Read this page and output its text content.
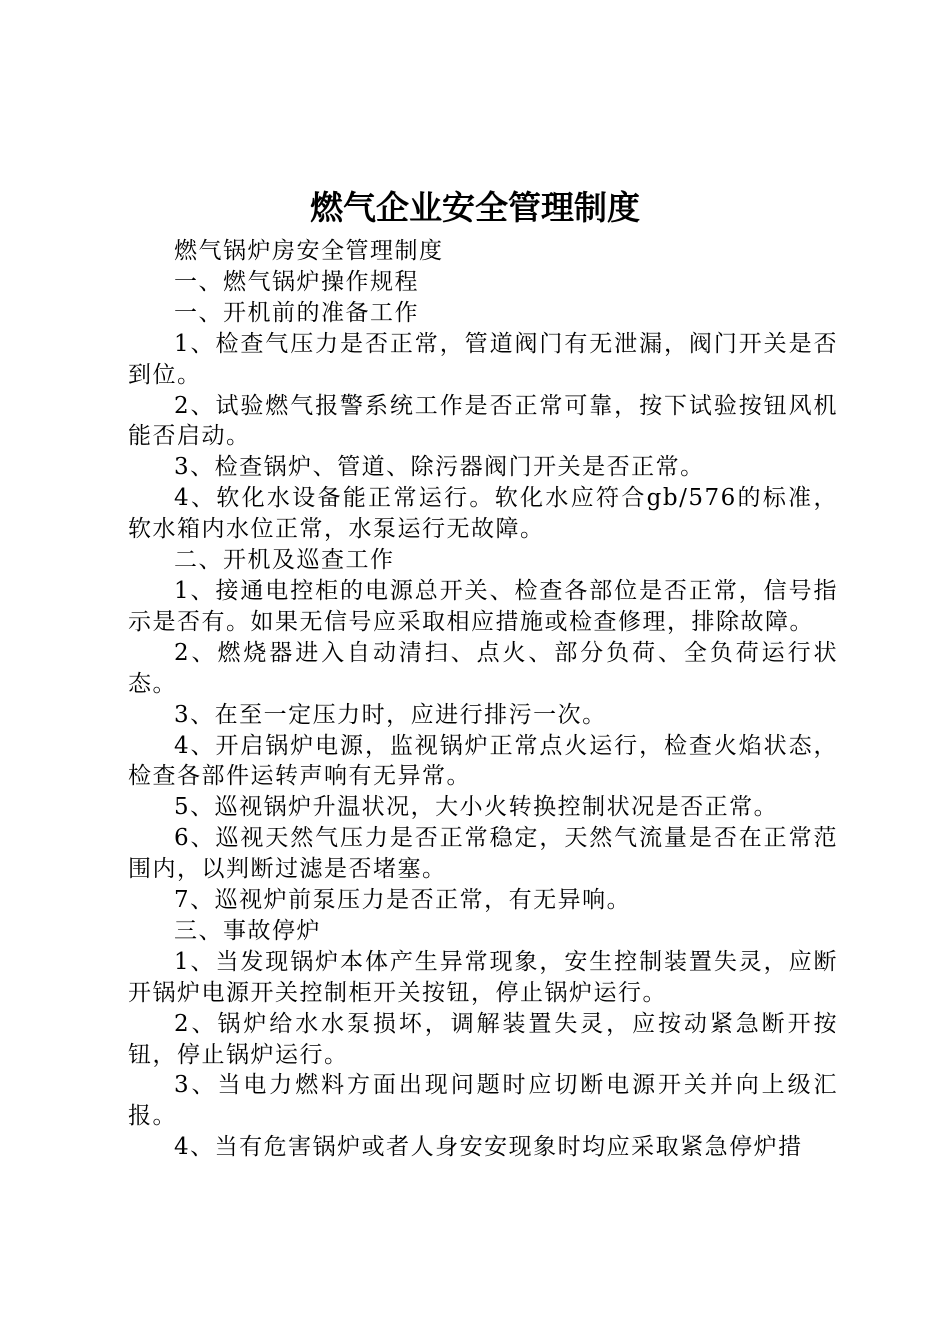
燃气企业安全管理制度

燃气锅炉房安全管理制度

一、燃气锅炉操作规程

一、开机前的准备工作

1、检查气压力是否正常，管道阀门有无泄漏，阀门开关是否到位。

2、试验燃气报警系统工作是否正常可靠，按下试验按钮风机能否启动。

3、检查锅炉、管道、除污器阀门开关是否正常。

4、软化水设备能正常运行。软化水应符合gb/576的标准，软水箱内水位正常，水泵运行无故障。

二、开机及巡查工作

1、接通电控柜的电源总开关、检查各部位是否正常，信号指示是否有。如果无信号应采取相应措施或检查修理，排除故障。

2、燃烧器进入自动清扫、点火、部分负荷、全负荷运行状态。

3、在至一定压力时，应进行排污一次。

4、开启锅炉电源，监视锅炉正常点火运行，检查火焰状态，检查各部件运转声响有无异常。

5、巡视锅炉升温状况，大小火转换控制状况是否正常。

6、巡视天然气压力是否正常稳定，天然气流量是否在正常范围内，以判断过滤是否堵塞。

7、巡视炉前泵压力是否正常，有无异响。

三、事故停炉

1、当发现锅炉本体产生异常现象，安生控制装置失灵，应断开锅炉电源开关控制柜开关按钮，停止锅炉运行。

2、锅炉给水水泵损坏，调解装置失灵，应按动紧急断开按钮，停止锅炉运行。

3、当电力燃料方面出现问题时应切断电源开关并向上级汇报。

4、当有危害锅炉或者人身安安现象时均应采取紧急停炉措
